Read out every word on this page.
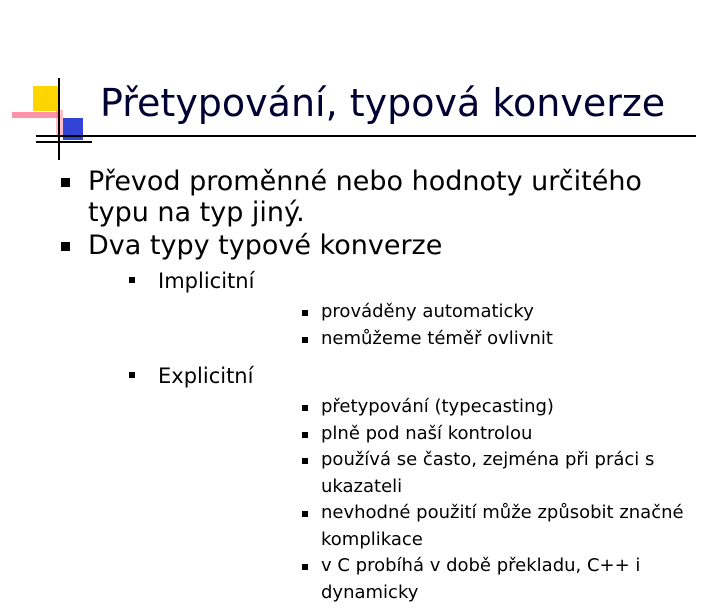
Přetypování, typová konverze
Převod proměnné nebo hodnoty určitého typu na typ jiný.
Dva typy typové konverze
Implicitní
prováděny automaticky
nemůžeme téměř ovlivnit
Explicitní
přetypování (typecasting)
plně pod naší kontrolou
používá se často, zejména při práci s ukazateli
nevhodné použití může způsobit značné komplikace
v C probíhá v době překladu, C++ i dynamicky
